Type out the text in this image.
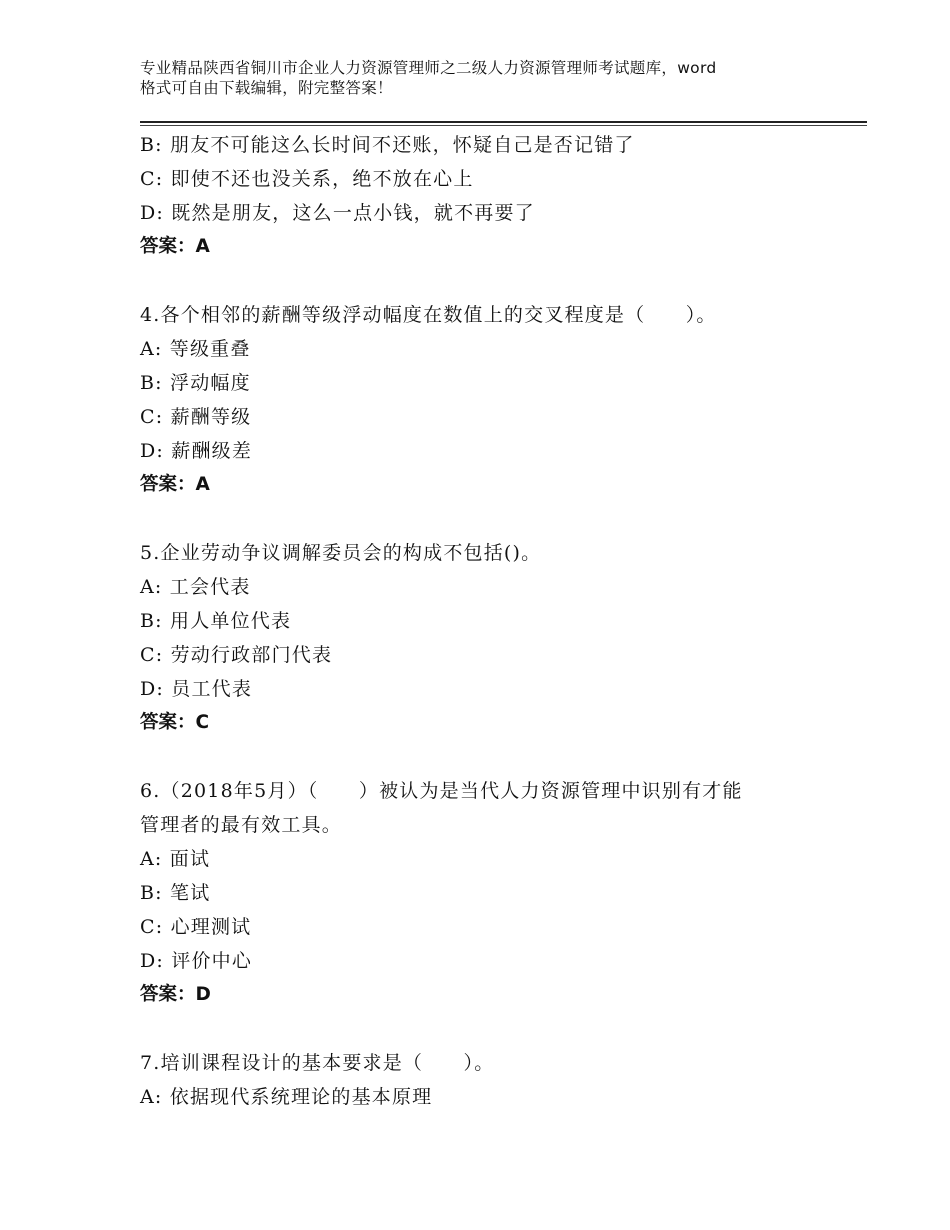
专业精品陕西省铜川市企业人力资源管理师之二级人力资源管理师考试题库，word
格式可自由下载编辑，附完整答案！
B: 朋友不可能这么长时间不还账，怀疑自己是否记错了
C: 即使不还也没关系，绝不放在心上
D: 既然是朋友，这么一点小钱，就不再要了
答案：A
4.各个相邻的薪酬等级浮动幅度在数值上的交叉程度是（　　）。
A: 等级重叠
B: 浮动幅度
C: 薪酬等级
D: 薪酬级差
答案：A
5.企业劳动争议调解委员会的构成不包括()。
A: 工会代表
B: 用人单位代表
C: 劳动行政部门代表
D: 员工代表
答案：C
6.（2018年5月）（　　）被认为是当代人力资源管理中识别有才能
管理者的最有效工具。
A: 面试
B: 笔试
C: 心理测试
D: 评价中心
答案：D
7.培训课程设计的基本要求是（　　）。
A: 依据现代系统理论的基本原理
